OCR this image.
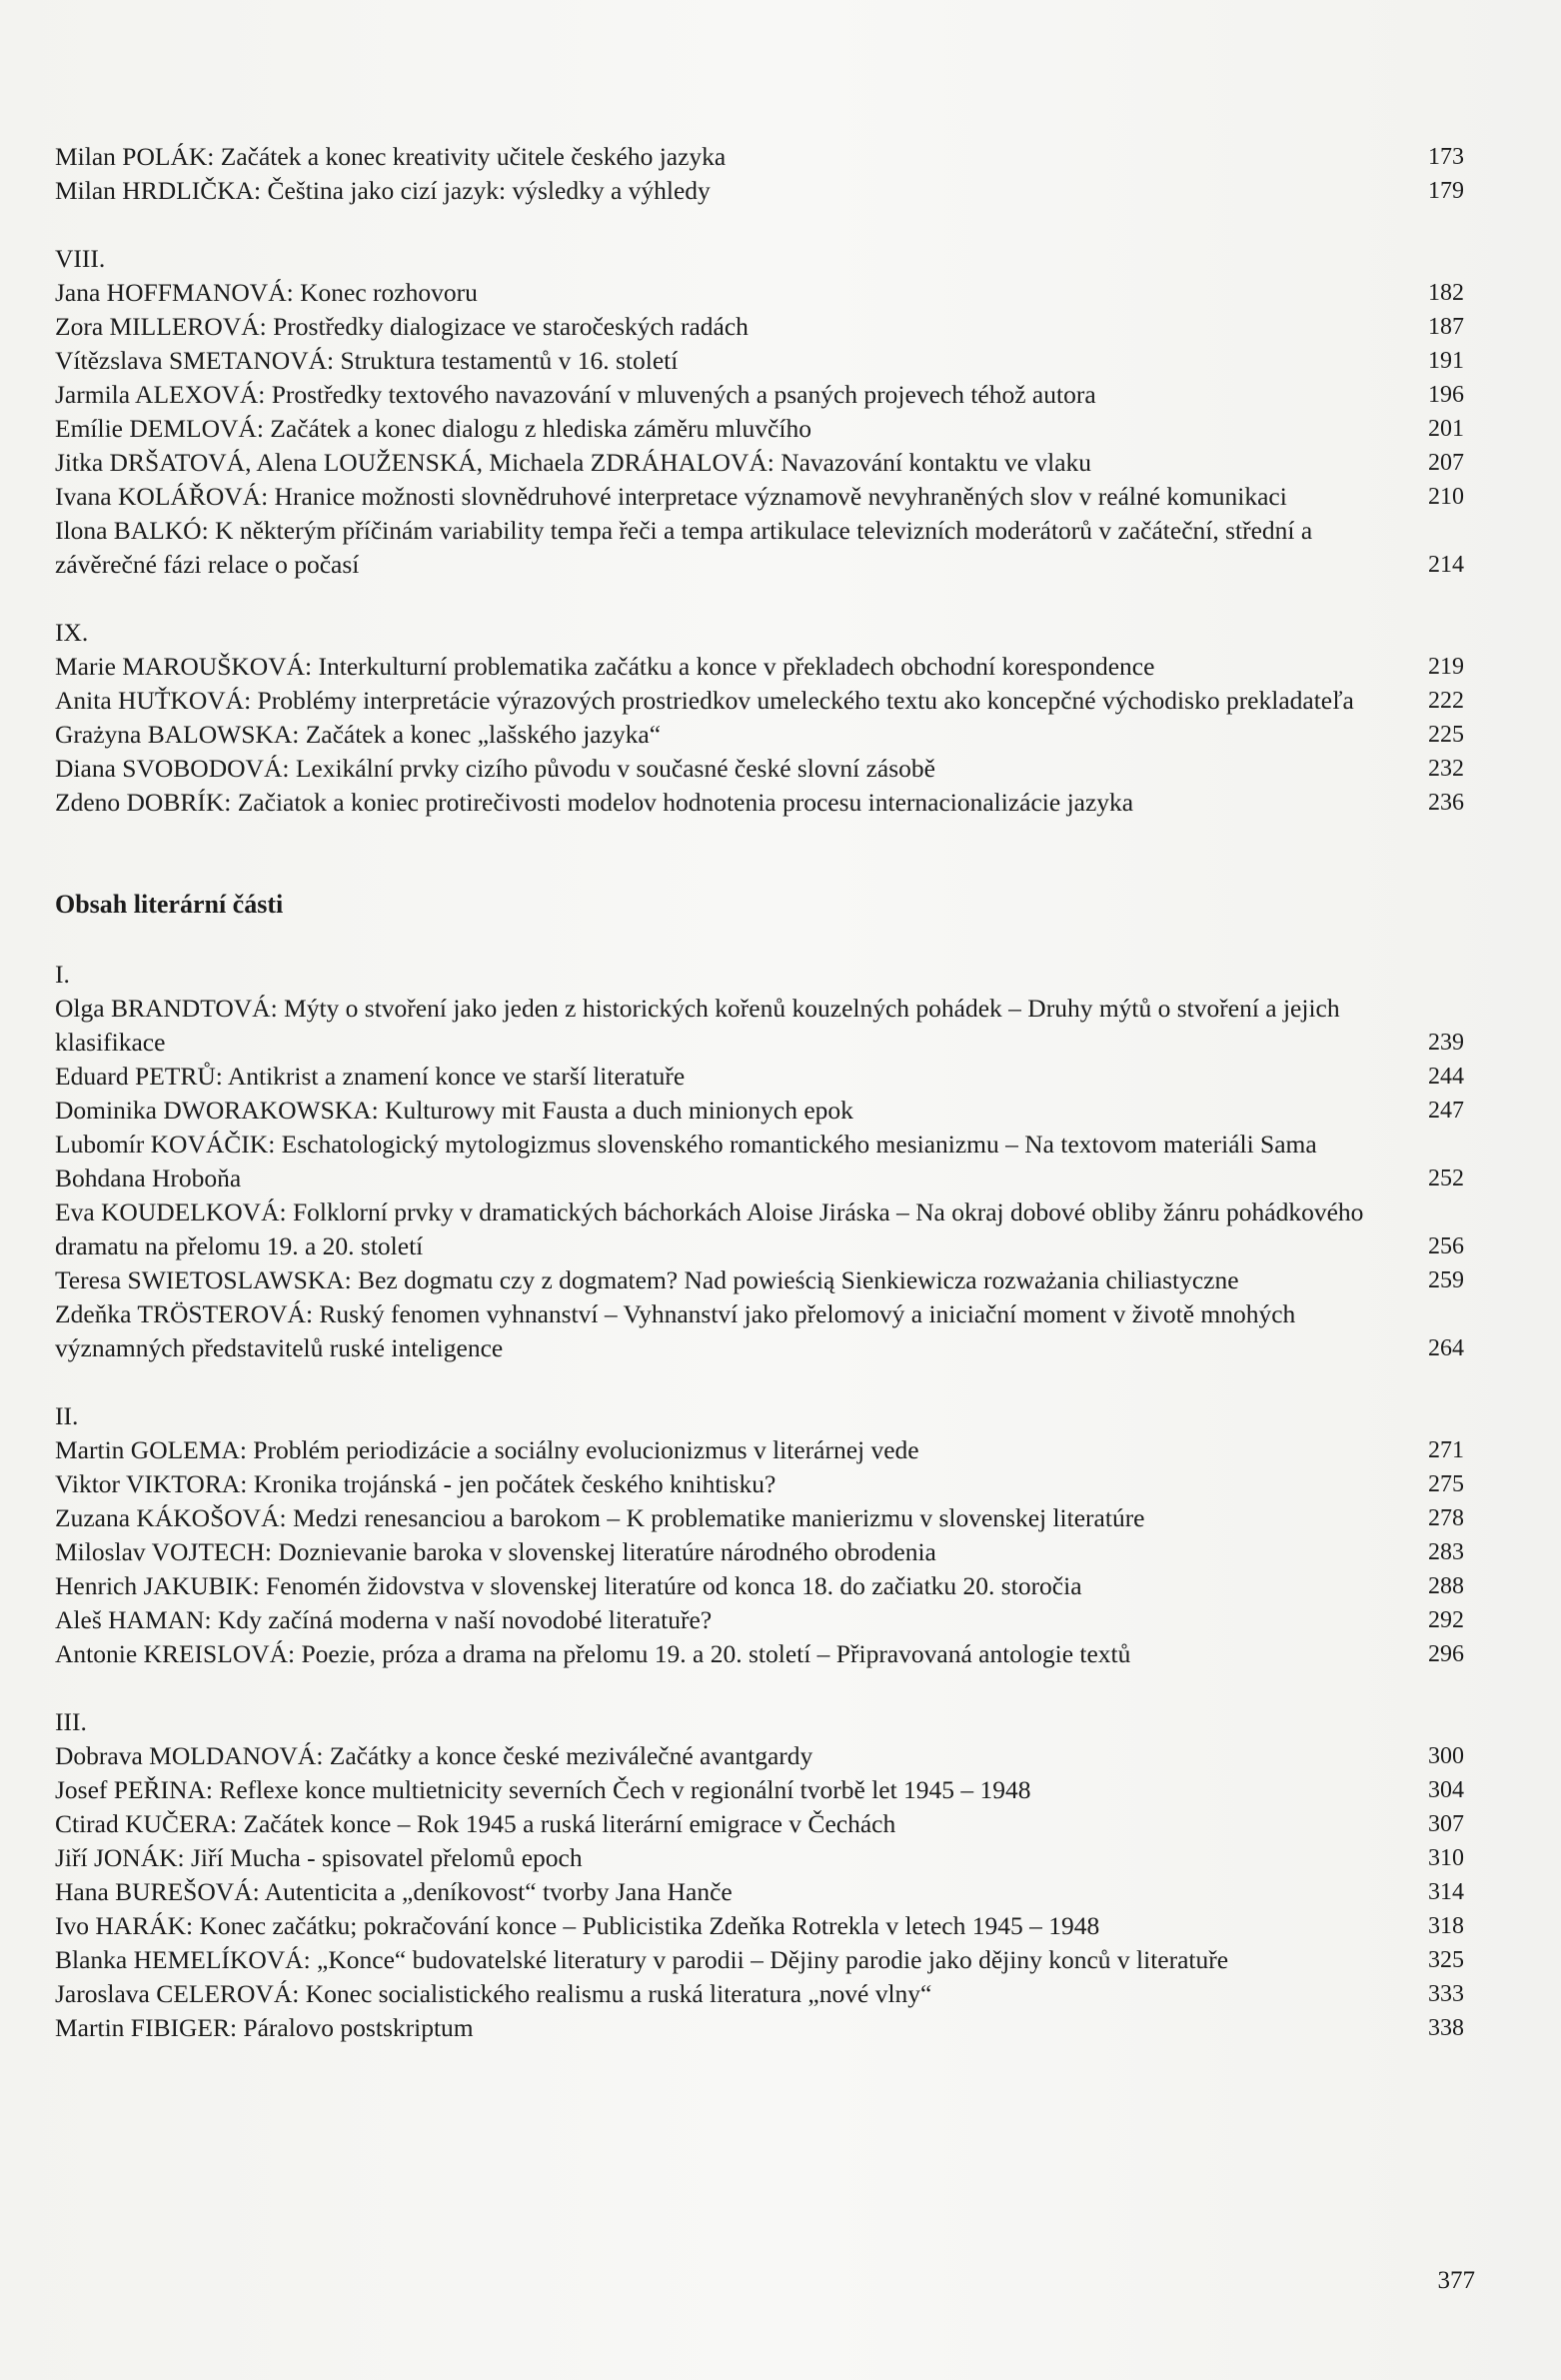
Milan POLÁK: Začátek a konec kreativity učitele českého jazyka	173
Milan HRDLIČKA: Čeština jako cizí jazyk: výsledky a výhledy	179
VIII.
Jana HOFFMANOVÁ: Konec rozhovoru	182
Zora MILLEROVÁ: Prostředky dialogizace ve staročeských radách	187
Vítězslava SMETANOVÁ: Struktura testamentů v 16. století	191
Jarmila ALEXOVÁ: Prostředky textového navazování v mluvených a psaných projevech téhož autora	196
Emílie DEMLOVÁ: Začátek a konec dialogu z hlediska záměru mluvčího	201
Jitka DRŠATOVÁ, Alena LOUŽENSKÁ, Michaela ZDRÁHALOVÁ: Navazování kontaktu ve vlaku	207
Ivana KOLÁŘOVÁ: Hranice možnosti slovnědruhové interpretace významově nevyhraněných slov v reálné komunikaci	210
Ilona BALKÓ: K některým příčinám variability tempa řeči a tempa artikulace televizních moderátorů v začáteční, střední a závěrečné fázi relace o počasí	214
IX.
Marie MAROUŠKOVÁ: Interkulturní problematika začátku a konce v překladech obchodní korespondence	219
Anita HUŤKOVÁ: Problémy interpretácie výrazových prostriedkov umeleckého textu ako koncepčné východisko prekladateľa	222
Grażyna BALOWSKA: Začátek a konec „lašského jazyka“	225
Diana SVOBODOVÁ: Lexikální prvky cizího původu v současné české slovní zásobě	232
Zdeno DOBRÍK: Začiatok a koniec protirečivosti modelov hodnotenia procesu internacionalizácie jazyka	236
Obsah literární části
I.
Olga BRANDTOVÁ: Mýty o stvoření jako jeden z historických kořenů kouzelných pohádek – Druhy mýtů o stvoření a jejich klasifikace	239
Eduard PETRŮ: Antikrist a znamení konce ve starší literatuře	244
Dominika DWORAKOWSKA: Kulturowy mit Fausta a duch minionych epok	247
Lubomír KOVÁČIK: Eschatologický mytologizmus slovenského romantického mesianizmu – Na textovom materiáli Sama Bohdana Hroboňa	252
Eva KOUDELKOVÁ: Folklorní prvky v dramatických báchorkách Aloise Jiráska – Na okraj dobové obliby žánru pohádkového dramatu na přelomu 19. a 20. století	256
Teresa SWIETOSLAWSKA: Bez dogmatu czy z dogmatem? Nad powieścią Sienkiewicza rozważania chiliastyczne	259
Zdeňka TRÖSTEROVÁ: Ruský fenomen vyhnanství – Vyhnanství jako přelomový a iniciační moment v životě mnohých významných představitelů ruské inteligence	264
II.
Martin GOLEMA: Problém periodizácie a sociálny evolucionizmus v literárnej vede	271
Viktor VIKTORA: Kronika trojánská - jen počátek českého knihtisku?	275
Zuzana KÁKOŠOVÁ: Medzi renesanciou a barokom – K problematike manierizmu v slovenskej literatúre	278
Miloslav VOJTECH: Doznievanie baroka v slovenskej literatúre národného obrodenia	283
Henrich JAKUBIK: Fenomén židovstva v slovenskej literatúre od konca 18. do začiatku 20. storočia	288
Aleš HAMAN: Kdy začíná moderna v naší novodobé literatuře?	292
Antonie KREISLOVÁ: Poezie, próza a drama na přelomu 19. a 20. století – Připravovaná antologie textů	296
III.
Dobrava MOLDANOVÁ: Začátky a konce české meziválečné avantgardy	300
Josef PEŘINA: Reflexe konce multietnicity severních Čech v regionální tvorbě let 1945 – 1948	304
Ctirad KUČERA: Začátek konce – Rok 1945 a ruská literární emigrace v Čechách	307
Jiří JONÁK: Jiří Mucha - spisovatel přelomů epoch	310
Hana BUREŠOVÁ: Autenticita a „deníkovost“ tvorby Jana Hanče	314
Ivo HARÁK: Konec začátku; pokračování konce – Publicistika Zdeňka Rotrekla v letech 1945 – 1948	318
Blanka HEMELÍKOVÁ: „Konce“ budovatelské literatury v parodii – Dějiny parodie jako dějiny konců v literatuře	325
Jaroslava CELEROVÁ: Konec socialistického realismu a ruská literatura „nové vlny“	333
Martin FIBIGER: Páralovo postskriptum	338
377
